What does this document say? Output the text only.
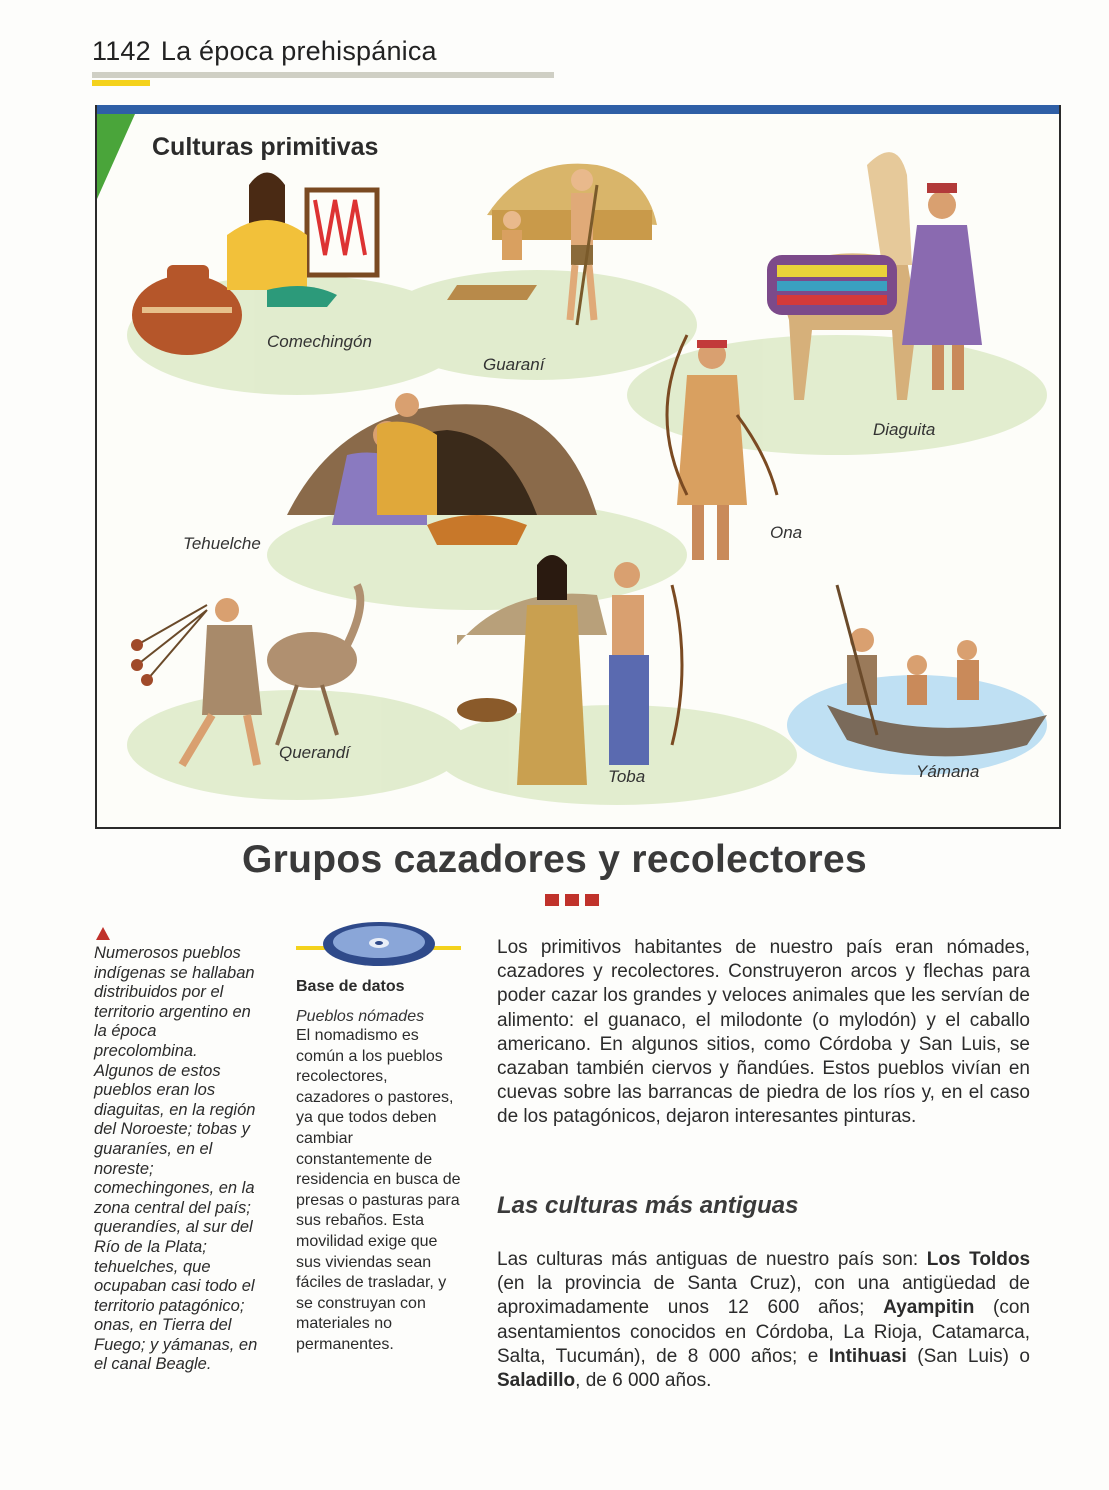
1142 La época prehispánica
Culturas primitivas
Comechingón
Guaraní
Diaguita
Tehuelche
Ona
Querandí
Toba	Yámana
Grupos cazadores y recolectores
Numerosos pueblos indígenas se hallaban distribuidos por el territorio argentino en la época precolombina. Algunos de estos pueblos eran los diaguitas, en la región del Noroeste; tobas y guaraníes, en el noreste; comechingones, en la zona central del país; querandíes, al sur del Río de la Plata; tehuelches, que ocupaban casi todo el territorio patagónico; onas, en Tierra del Fuego; y yámanas, en el canal Beagle.
Base de datos
Pueblos nómades
El nomadismo es común a los pueblos recolectores, cazadores o pastores, ya que todos deben cambiar constantemente de residencia en busca de presas o pasturas para sus rebaños. Esta movilidad exige que sus viviendas sean fáciles de trasladar, y se construyan con materiales no permanentes.
Los primitivos habitantes de nuestro país eran nómades, cazadores y recolectores. Construyeron arcos y flechas para poder cazar los grandes y veloces animales que les servían de alimento: el guanaco, el milodonte (o mylodón) y el caballo americano. En algunos sitios, como Córdoba y San Luis, se cazaban también ciervos y ñandúes. Estos pueblos vivían en cuevas sobre las barrancas de piedra de los ríos y, en el caso de los patagónicos, dejaron interesantes pinturas.
Las culturas más antiguas
Las culturas más antiguas de nuestro país son: Los Toldos (en la provincia de Santa Cruz), con una antigüedad de aproximadamente unos 12 600 años; Ayampitin (con asentamientos conocidos en Córdoba, La Rioja, Catamarca, Salta, Tucumán), de 8 000 años; e Intihuasi (San Luis) o Saladillo, de 6 000 años.
